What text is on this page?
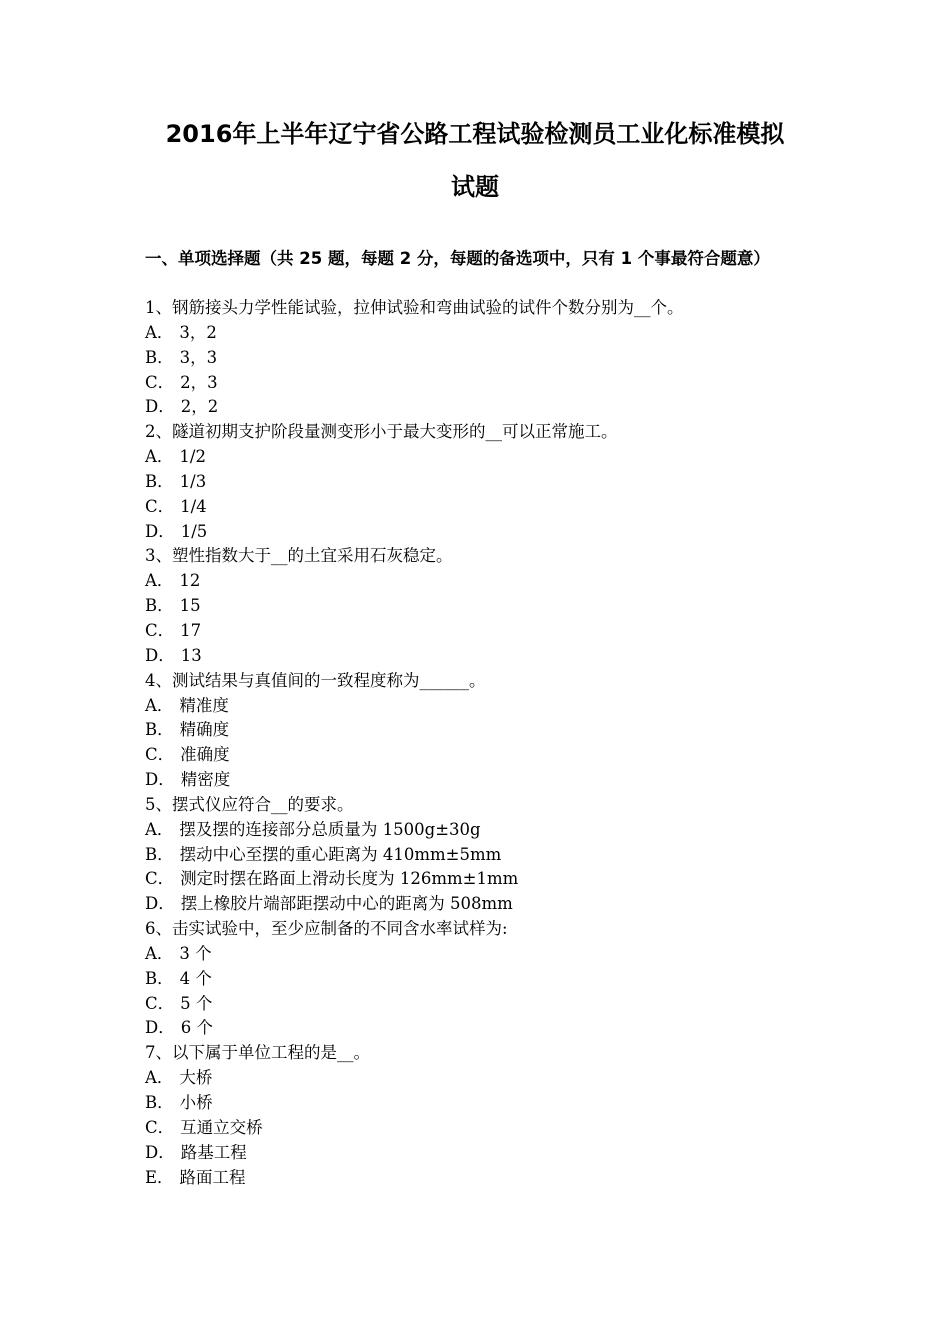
2016年上半年辽宁省公路工程试验检测员工业化标准模拟
试题
一、单项选择题（共 25 题，每题 2 分，每题的备选项中，只有 1 个事最符合题意）
1、钢筋接头力学性能试验，拉伸试验和弯曲试验的试件个数分别为__个。
A． 3，2
B． 3，3
C． 2，3
D． 2，2
2、隧道初期支护阶段量测变形小于最大变形的__可以正常施工。
A． 1/2
B． 1/3
C． 1/4
D． 1/5
3、塑性指数大于__的土宜采用石灰稳定。
A． 12
B． 15
C． 17
D． 13
4、测试结果与真值间的一致程度称为______。
A． 精准度
B． 精确度
C． 准确度
D． 精密度
5、摆式仪应符合__的要求。
A． 摆及摆的连接部分总质量为 1500g±30g
B． 摆动中心至摆的重心距离为 410mm±5mm
C． 测定时摆在路面上滑动长度为 126mm±1mm
D． 摆上橡胶片端部距摆动中心的距离为 508mm
6、击实试验中，至少应制备的不同含水率试样为:
A． 3 个
B． 4 个
C． 5 个
D． 6 个
7、以下属于单位工程的是__。
A． 大桥
B． 小桥
C． 互通立交桥
D． 路基工程
E． 路面工程
